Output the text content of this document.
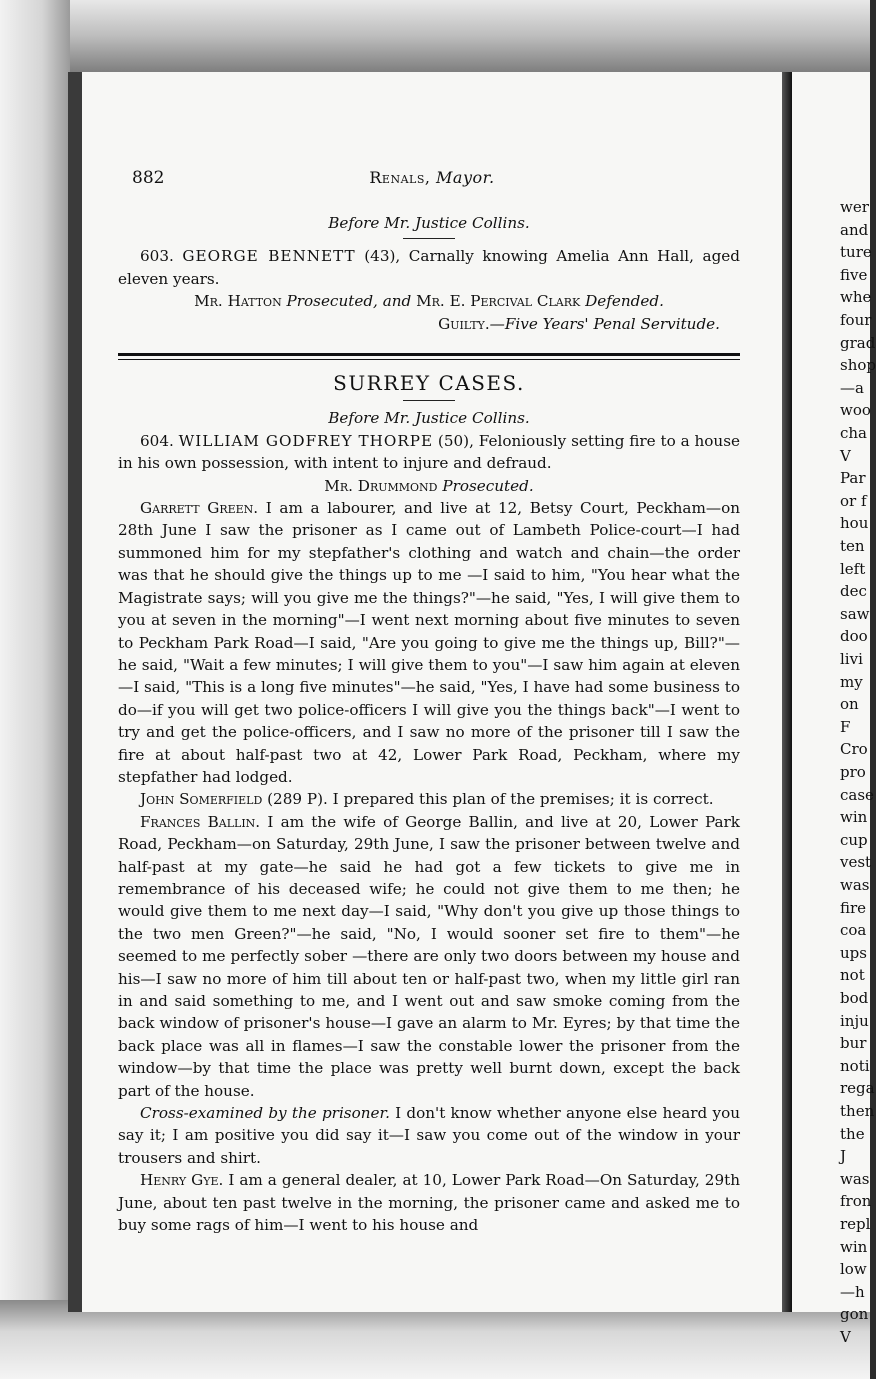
wer
and
ture
five
whe
four
grad
shop
—a
woo
cha
V
Par
or f
hou
ten
left
dec
saw
doo
livi
my
on
F
Cro
pro
case
win
cup
vest
was
fire
coa
ups
not
bod
inju
bur
noti
rega
then
the
J
was
fron
repl
win
low
—h
gon
V
882	Renals, Mayor.

Before Mr. Justice Collins.

603. GEORGE BENNETT (43), Carnally knowing Amelia Ann Hall, aged eleven years.

Mr. Hatton Prosecuted, and Mr. E. Percival Clark Defended.

Guilty.—Five Years' Penal Servitude.

SURREY CASES.

Before Mr. Justice Collins.

604. WILLIAM GODFREY THORPE (50), Feloniously setting fire to a house in his own possession, with intent to injure and defraud.

Mr. Drummond Prosecuted.

Garrett Green. I am a labourer, and live at 12, Betsy Court, Peckham—on 28th June I saw the prisoner as I came out of Lambeth Police-court—I had summoned him for my stepfather's clothing and watch and chain—the order was that he should give the things up to me —I said to him, "You hear what the Magistrate says; will you give me the things?"—he said, "Yes, I will give them to you at seven in the morning"—I went next morning about five minutes to seven to Peckham Park Road—I said, "Are you going to give me the things up, Bill?"— he said, "Wait a few minutes; I will give them to you"—I saw him again at eleven—I said, "This is a long five minutes"—he said, "Yes, I have had some business to do—if you will get two police-officers I will give you the things back"—I went to try and get the police-officers, and I saw no more of the prisoner till I saw the fire at about half-past two at 42, Lower Park Road, Peckham, where my stepfather had lodged.

John Somerfield (289 P). I prepared this plan of the premises; it is correct.

Frances Ballin. I am the wife of George Ballin, and live at 20, Lower Park Road, Peckham—on Saturday, 29th June, I saw the prisoner between twelve and half-past at my gate—he said he had got a few tickets to give me in remembrance of his deceased wife; he could not give them to me then; he would give them to me next day—I said, "Why don't you give up those things to the two men Green?"—he said, "No, I would sooner set fire to them"—he seemed to me perfectly sober —there are only two doors between my house and his—I saw no more of him till about ten or half-past two, when my little girl ran in and said something to me, and I went out and saw smoke coming from the back window of prisoner's house—I gave an alarm to Mr. Eyres; by that time the back place was all in flames—I saw the constable lower the prisoner from the window—by that time the place was pretty well burnt down, except the back part of the house.

Cross-examined by the prisoner. I don't know whether anyone else heard you say it; I am positive you did say it—I saw you come out of the window in your trousers and shirt.

Henry Gye. I am a general dealer, at 10, Lower Park Road—On Saturday, 29th June, about ten past twelve in the morning, the prisoner came and asked me to buy some rags of him—I went to his house and
